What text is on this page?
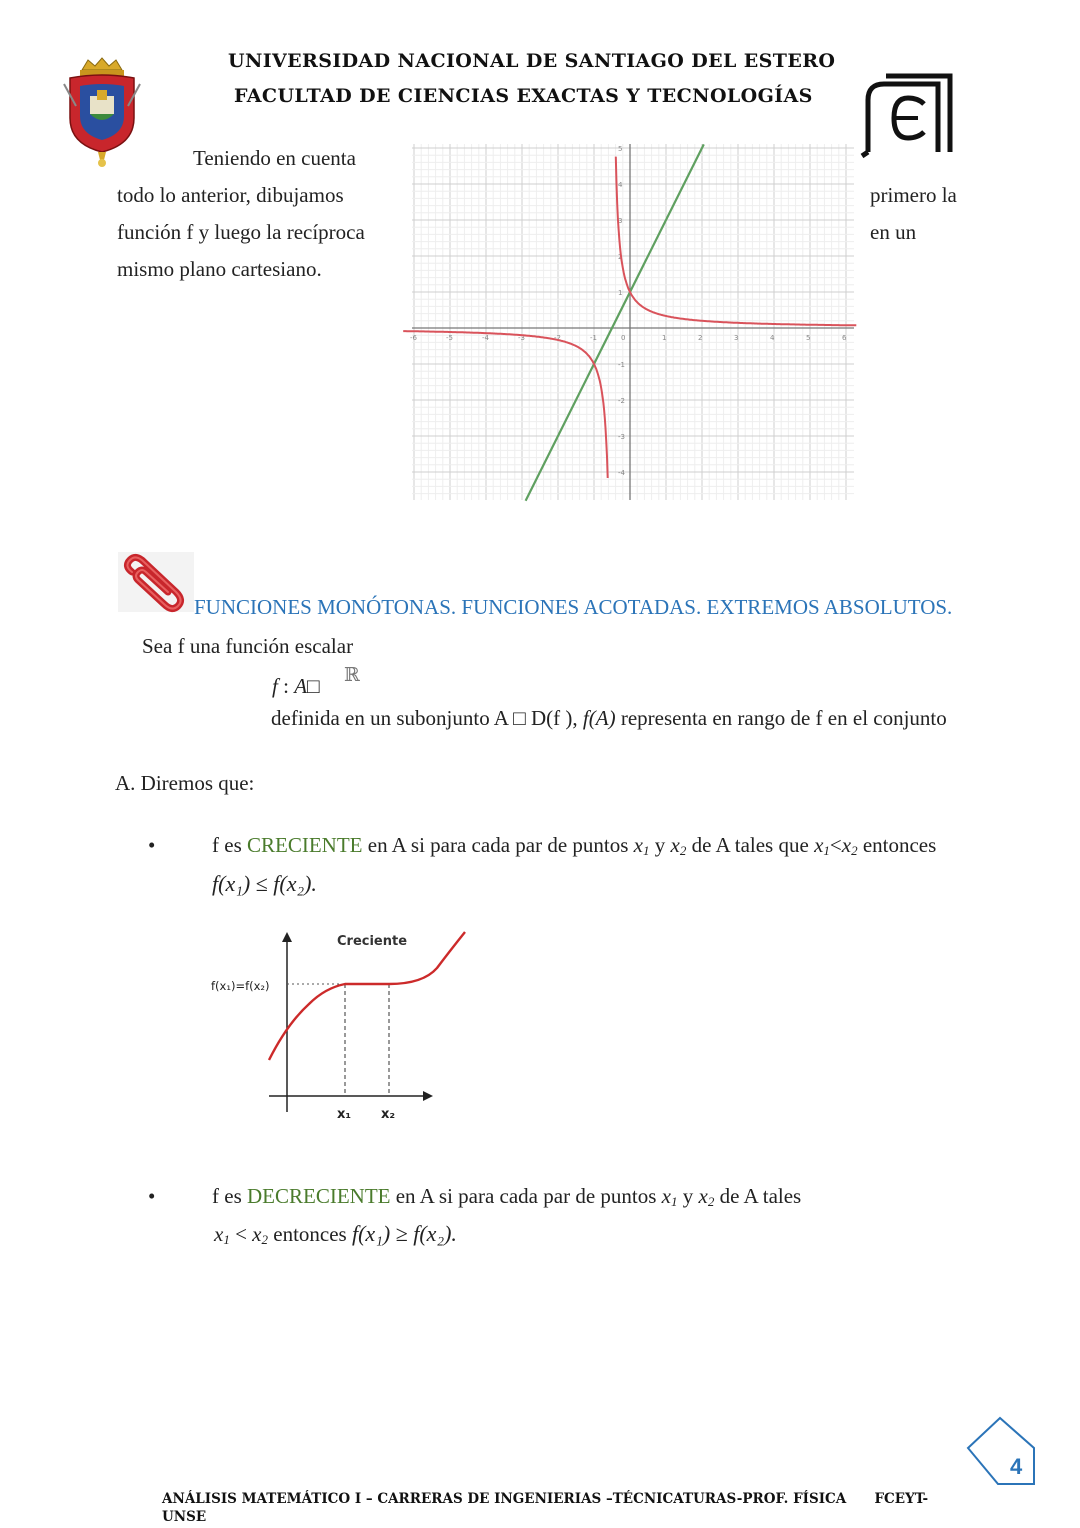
UNIVERSIDAD NACIONAL DE SANTIAGO DEL ESTERO
FACULTAD DE CIENCIAS EXACTAS Y TECNOLOGÍAS
Teniendo en cuenta
todo lo anterior, dibujamos	primero la
función f y luego la recíproca	en un
mismo plano cartesiano.
-6	-5	-4	-3	-2	-1	1	2	3	4	5	6
5
4
3
2
1
-1
-2
-3
-4
0
FUNCIONES MONÓTONAS. FUNCIONES ACOTADAS. EXTREMOS ABSOLUTOS.
Sea f una función escalar
f : A□ ℝ
definida en un subonjunto A □ D(f ), f(A) representa en rango de f en el conjunto
A. Diremos que:
•	f es CRECIENTE en A si para cada par de puntos $x_1$ y $x_2$ de A tales que $x_1<x_2$ entonces
f(x₁) ≤ f(x₂).
Creciente
f(x₁)=f(x₂)
x₁ x₂
•	f es DECRECIENTE en A si para cada par de puntos $x_1$ y $x_2$ de A tales
$x_1 < x_2$ entonces f(x₁) ≥ f(x₂).
4
ANÁLISIS MATEMÁTICO I – CARRERAS DE INGENIERIAS –TÉCNICATURAS-PROF. FÍSICA      FCEYT-
UNSE
